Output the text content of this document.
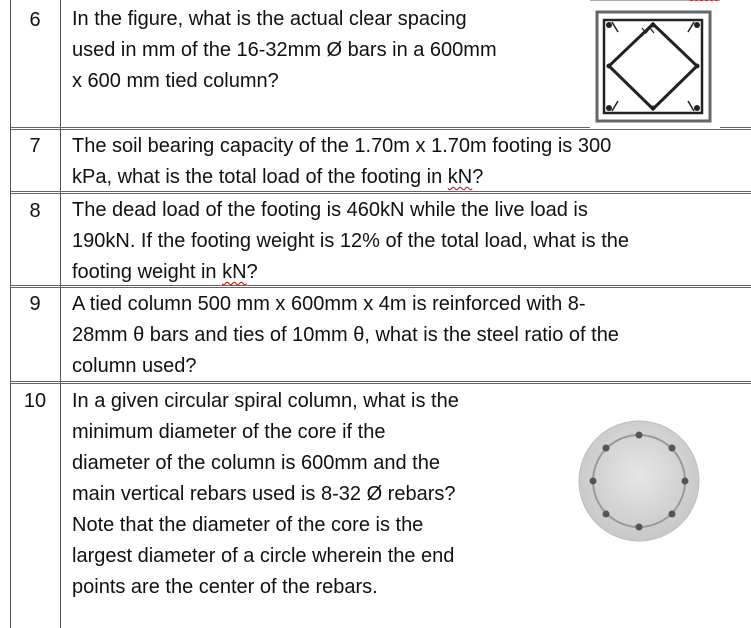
6	In the figure, what is the actual clear spacing
used in mm of the 16-32mm Ø bars in a 600mm
x 600 mm tied column?
7	The soil bearing capacity of the 1.70m x 1.70m footing is 300
kPa, what is the total load of the footing in kN?
8	The dead load of the footing is 460kN while the live load is
190kN. If the footing weight is 12% of the total load, what is the
footing weight in kN?
9	A tied column 500 mm x 600mm x 4m is reinforced with 8-
28mm θ bars and ties of 10mm θ, what is the steel ratio of the
column used?
10	In a given circular spiral column, what is the
minimum diameter of the core if the
diameter of the column is 600mm and the
main vertical rebars used is 8-32 Ø rebars?
Note that the diameter of the core is the
largest diameter of a circle wherein the end
points are the center of the rebars.
